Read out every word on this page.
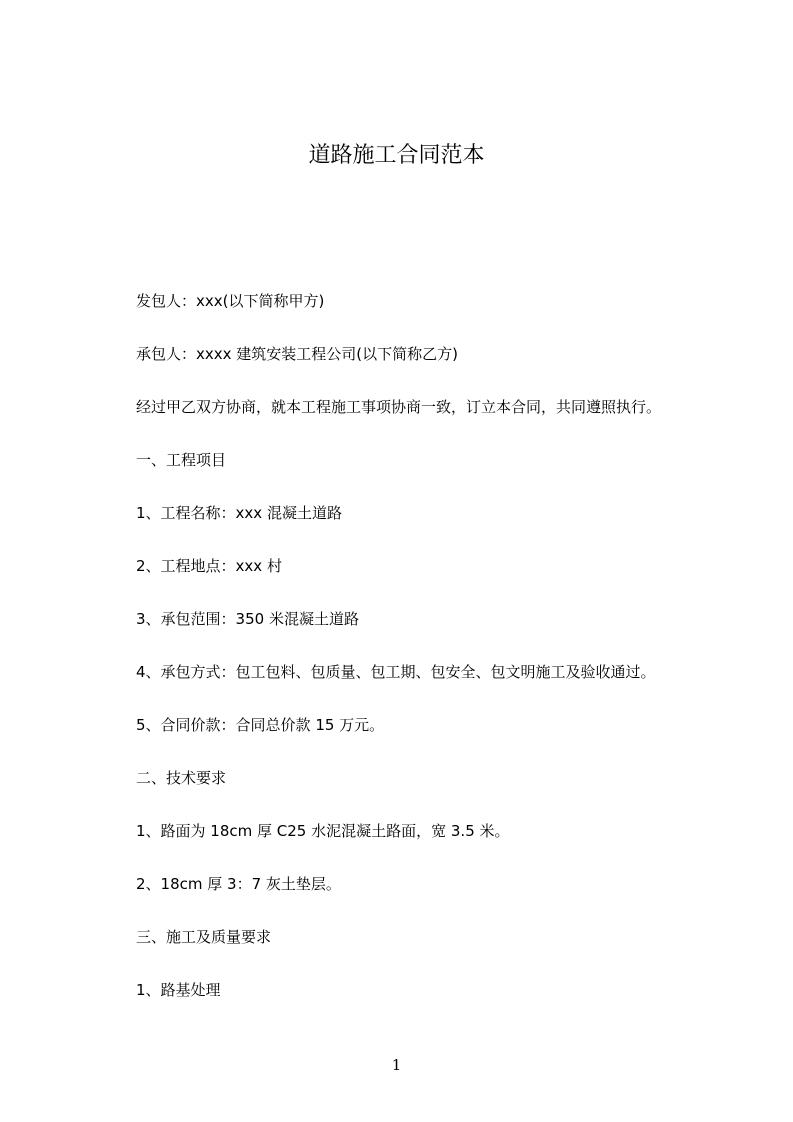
道路施工合同范本

发包人：xxx(以下简称甲方)

承包人：xxxx 建筑安装工程公司(以下简称乙方)

经过甲乙双方协商，就本工程施工事项协商一致，订立本合同，共同遵照执行。

一、工程项目

1、工程名称：xxx 混凝土道路

2、工程地点：xxx 村

3、承包范围：350 米混凝土道路

4、承包方式：包工包料、包质量、包工期、包安全、包文明施工及验收通过。

5、合同价款：合同总价款 15 万元。

二、技术要求

1、路面为 18cm 厚 C25 水泥混凝土路面，宽 3.5 米。

2、18cm 厚 3：7 灰土垫层。

三、施工及质量要求

1、路基处理

1
